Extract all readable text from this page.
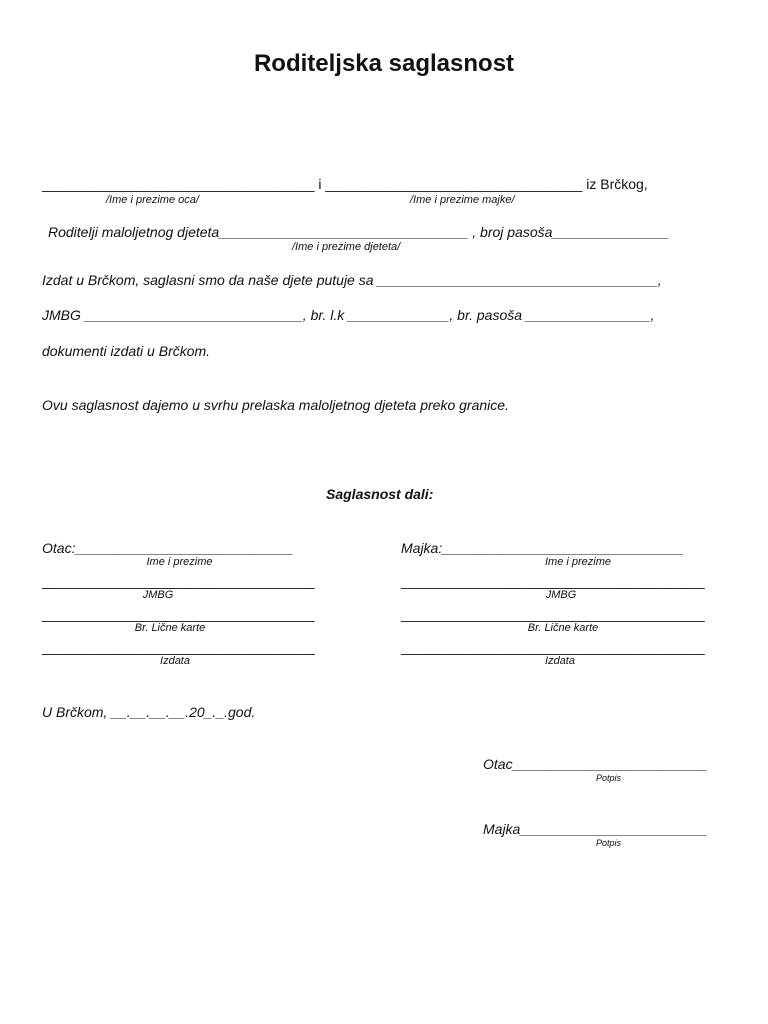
Roditeljska saglasnost
___________________________________ i _________________________________ iz Brčkog,
/Ime i prezime oca/	/Ime i prezime majke/
Roditelji maloljetnog djeteta________________________________ , broj pasoša_______________
/Ime i prezime djeteta/
Izdat u Brčkom, saglasni smo da naše djete putuje sa ____________________________________,
JMBG ____________________________, br. l.k _____________, br. pasoša ________________,
dokumenti izdati u Brčkom.
Ovu saglasnost dajemo u svrhu prelaska maloljetnog djeteta preko granice.
Saglasnost dali:
Otac:____________________________
Ime i prezime
___________________________________
JMBG
___________________________________
Br. Lične karte
___________________________________
Izdata
Majka:_______________________________
Ime i prezime
_______________________________________
JMBG
_______________________________________
Br. Lične karte
_______________________________________
Izdata
U Brčkom, __.__.__.__.20_._.god.
Otac_________________________
Potpis
Majka________________________
Potpis
